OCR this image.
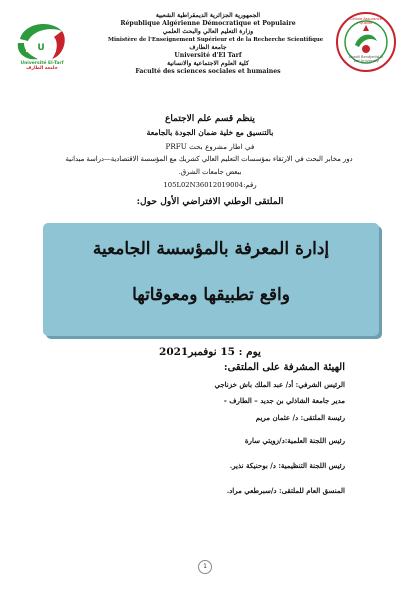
U
Université El-Tarf
جامعة الطارف
الجمهورية الجزائرية الديمقراطية الشعبية
République Algérienne Démocratique et Populaire
وزارة التعليم العالي والبحث العلمي
Ministère de l'Enseignement Supérieur et de la Recherche Scientifique
جامعة الطارف
Université d'El Tarf
كلية العلوم الاجتماعية والانسانية
Faculté des sciences sociales et humaines
Chadli Bendjedid El Tarf University
Cellule Assurance Qualité
ينظم قسم علم الاجتماع
بالتنسيق مع خلية ضمان الجودة بالجامعة
في اطار مشروع بحث PRFU
دور مخابر البحث في الارتقاء بمؤسسات التعليم العالي كشريك مع المؤسسة الاقتصادية—دراسة ميدانية
ببعض جامعات الشرق.
رقم:105L02N36012019004
الملتقى الوطني الافتراضي الأول حول:
إدارة المعرفة بالمؤسسة الجامعية
واقع تطبيقها ومعوقاتها
يوم : 15 نوفمبر2021
الهيئة المشرفة على الملتقى:
الرئيس الشرفي: أد/ عبد الملك باش خزناجي
مدير جامعة الشاذلي بن جديد – الطارف -
رئيسة الملتقى: د/ عثمان مريم
رئيس اللجنة العلمية:د/زويتي سارة
رئيس اللجنة التنظيمية: د/ بوحنيكة نذير.
المنسق العام للملتقى: د/سبرطعي مراد.
1
